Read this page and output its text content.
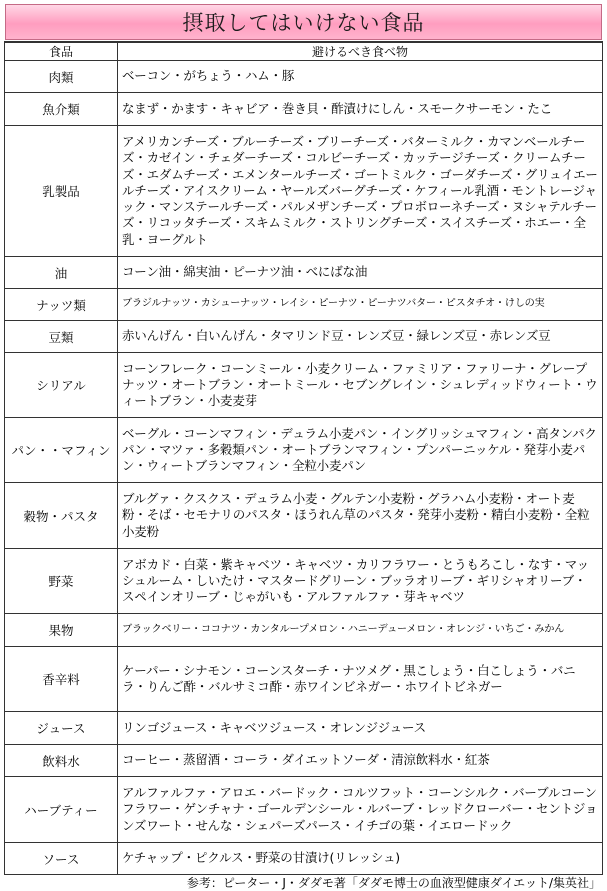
摂取してはいけない食品
食品	避けるべき食べ物
肉類	ベーコン・がちょう・ハム・豚
魚介類	なまず・かます・キャビア・巻き貝・酢漬けにしん・スモークサーモン・たこ
乳製品	アメリカンチーズ・ブルーチーズ・ブリーチーズ・バターミルク・カマンベールチーズ・カゼイン・チェダーチーズ・コルビーチーズ・カッテージチーズ・クリームチーズ・エダムチーズ・エメンタールチーズ・ゴートミルク・ゴーダチーズ・グリュイエールチーズ・アイスクリーム・ヤールズバーグチーズ・ケフィール乳酒・モントレージャック・マンステールチーズ・パルメザンチーズ・プロボローネチーズ・ヌシャテルチーズ・リコッタチーズ・スキムミルク・ストリングチーズ・スイスチーズ・ホエー・全乳・ヨーグルト
油	コーン油・綿実油・ピーナツ油・べにばな油
ナッツ類	ブラジルナッツ・カシューナッツ・レイシ・ピーナツ・ピーナツバター・ピスタチオ・けしの実
豆類	赤いんげん・白いんげん・タマリンド豆・レンズ豆・緑レンズ豆・赤レンズ豆
シリアル	コーンフレーク・コーンミール・小麦クリーム・ファミリア・ファリーナ・グレープナッツ・オートブラン・オートミール・セブングレイン・シュレディッドウィート・ウィートブラン・小麦麦芽
パン・・マフィン	ベーグル・コーンマフィン・デュラム小麦パン・イングリッシュマフィン・高タンパクパン・マツァ・多穀類パン・オートブランマフィン・プンパーニッケル・発芽小麦パン・ウィートブランマフィン・全粒小麦パン
穀物・パスタ	ブルグァ・クスクス・デュラム小麦・グルテン小麦粉・グラハム小麦粉・オート麦粉・そば・セモナリのパスタ・ほうれん草のパスタ・発芽小麦粉・精白小麦粉・全粒小麦粉
野菜	アボカド・白菜・紫キャベツ・キャベツ・カリフラワー・とうもろこし・なす・マッシュルーム・しいたけ・マスタードグリーン・ブッラオリーブ・ギリシャオリーブ・スペインオリーブ・じゃがいも・アルファルファ・芽キャベツ
果物	ブラックベリー・ココナツ・カンタループメロン・ハニーデューメロン・オレンジ・いちご・みかん
香辛料	ケーパー・シナモン・コーンスターチ・ナツメグ・黒こしょう・白こしょう・バニラ・りんご酢・バルサミコ酢・赤ワインビネガー・ホワイトビネガー
ジュース	リンゴジュース・キャベツジュース・オレンジジュース
飲料水	コーヒー・蒸留酒・コーラ・ダイエットソーダ・清涼飲料水・紅茶
ハーブティー	アルファルファ・アロエ・バードック・コルツフット・コーンシルク・バーブルコーンフラワー・ゲンチャナ・ゴールデンシール・ルバーブ・レッドクローバー・セントジョンズワート・せんな・シェパーズパース・イチゴの葉・イエロードック
ソース	ケチャップ・ピクルス・野菜の甘漬け(リレッシュ)
参考：ピーター・J・ダダモ著「ダダモ博士の血液型健康ダイエット/集英社」
